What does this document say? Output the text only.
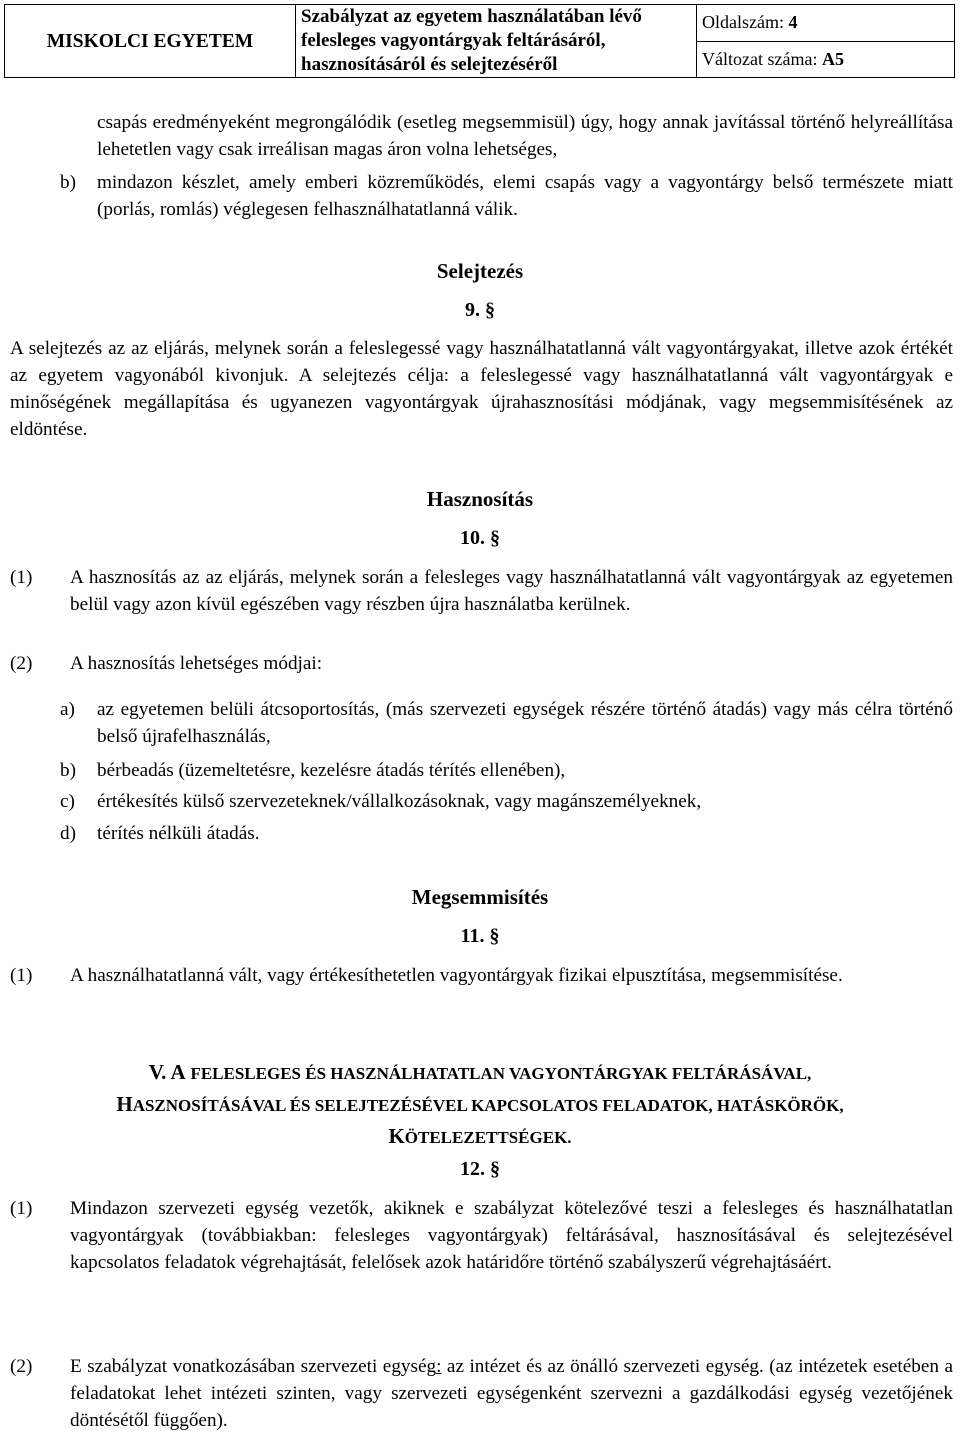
MISKOLCI EGYETEM	
Szabályzat az egyetem használatában lévő
felesleges vagyontárgyak feltárásáról,
hasznosításáról és selejtezéséről
	Oldalszám: 4
Változat száma: A5
csapás eredményeként megrongálódik (esetleg megsemmisül) úgy, hogy annak javítással történő helyreállítása lehetetlen vagy csak irreálisan magas áron volna lehetséges,
b)	mindazon készlet, amely emberi közreműködés, elemi csapás vagy a vagyontárgy belső természete miatt (porlás, romlás) véglegesen felhasználhatatlanná válik.
Selejtezés
9. §
A selejtezés az az eljárás, melynek során a feleslegessé vagy használhatatlanná vált vagyontárgyakat, illetve azok értékét az egyetem vagyonából kivonjuk. A selejtezés célja: a feleslegessé vagy használhatatlanná vált vagyontárgyak e minőségének megállapítása és ugyanezen vagyontárgyak újrahasznosítási módjának, vagy megsemmisítésének az eldöntése.
Hasznosítás
10. §
(1)	A hasznosítás az az eljárás, melynek során a felesleges vagy használhatatlanná vált vagyontárgyak az egyetemen belül vagy azon kívül egészében vagy részben újra használatba kerülnek.
(2)	A hasznosítás lehetséges módjai:
a)	az egyetemen belüli átcsoportosítás, (más szervezeti egységek részére történő átadás) vagy más célra történő belső újrafelhasználás,
b)	bérbeadás (üzemeltetésre, kezelésre átadás térítés ellenében),
c)	értékesítés külső szervezeteknek/vállalkozásoknak, vagy magánszemélyeknek,
d)	térítés nélküli átadás.
Megsemmisítés
11. §
(1)	A használhatatlanná vált, vagy értékesíthetetlen vagyontárgyak fizikai elpusztítása, megsemmisítése.
V. A FELESLEGES ÉS HASZNÁLHATATLAN VAGYONTÁRGYAK FELTÁRÁSÁVAL,
HASZNOSÍTÁSÁVAL ÉS SELEJTEZÉSÉVEL KAPCSOLATOS FELADATOK, HATÁSKÖRÖK,
KÖTELEZETTSÉGEK.
12. §
(1)	Mindazon szervezeti egység vezetők, akiknek e szabályzat kötelezővé teszi a felesleges és használhatatlan vagyontárgyak (továbbiakban: felesleges vagyontárgyak) feltárásával, hasznosításával és selejtezésével kapcsolatos feladatok végrehajtását, felelősek azok határidőre történő szabályszerű végrehajtásáért.
(2)	E szabályzat vonatkozásában szervezeti egység: az intézet és az önálló szervezeti egység. (az intézetek esetében a feladatokat lehet intézeti szinten, vagy szervezeti egységenként szervezni a gazdálkodási egység vezetőjének döntésétől függően).
